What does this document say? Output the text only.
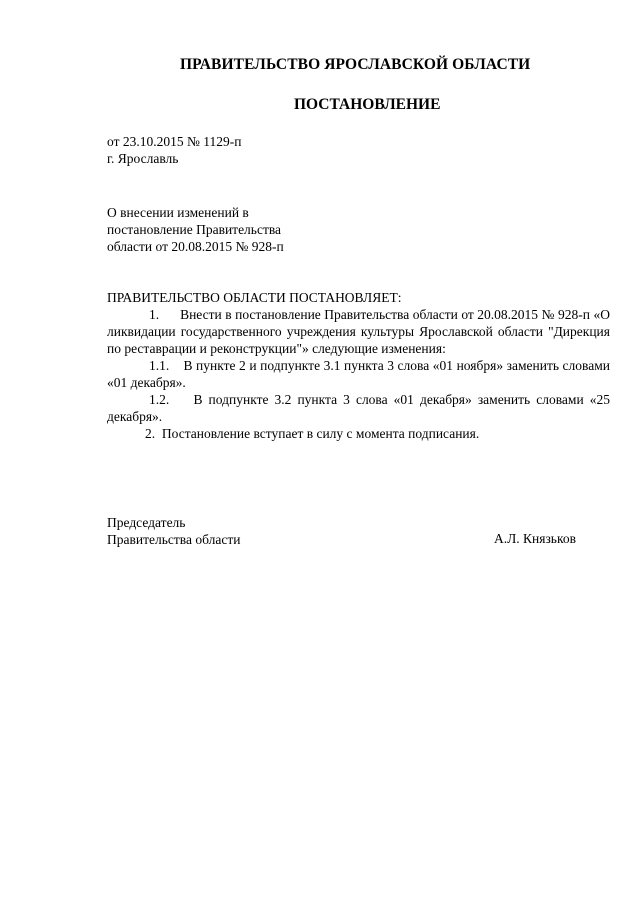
ПРАВИТЕЛЬСТВО ЯРОСЛАВСКОЙ ОБЛАСТИ
ПОСТАНОВЛЕНИЕ
от 23.10.2015 № 1129-п
г. Ярославль
О внесении изменений в
постановление Правительства
области от 20.08.2015 № 928-п
ПРАВИТЕЛЬСТВО ОБЛАСТИ ПОСТАНОВЛЯЕТ:

1.      Внести в постановление Правительства области от 20.08.2015 № 928-п «О ликвидации государственного учреждения культуры Ярославской области "Дирекция по реставрации и реконструкции"» следующие изменения:

1.1.    В пункте 2 и подпункте 3.1 пункта 3 слова «01 ноября» заменить словами «01 декабря».

1.2.    В подпункте 3.2 пункта 3 слова «01 декабря» заменить словами «25 декабря».

2.  Постановление вступает в силу с момента подписания.

Председатель
Правительства области	А.Л. Князьков
